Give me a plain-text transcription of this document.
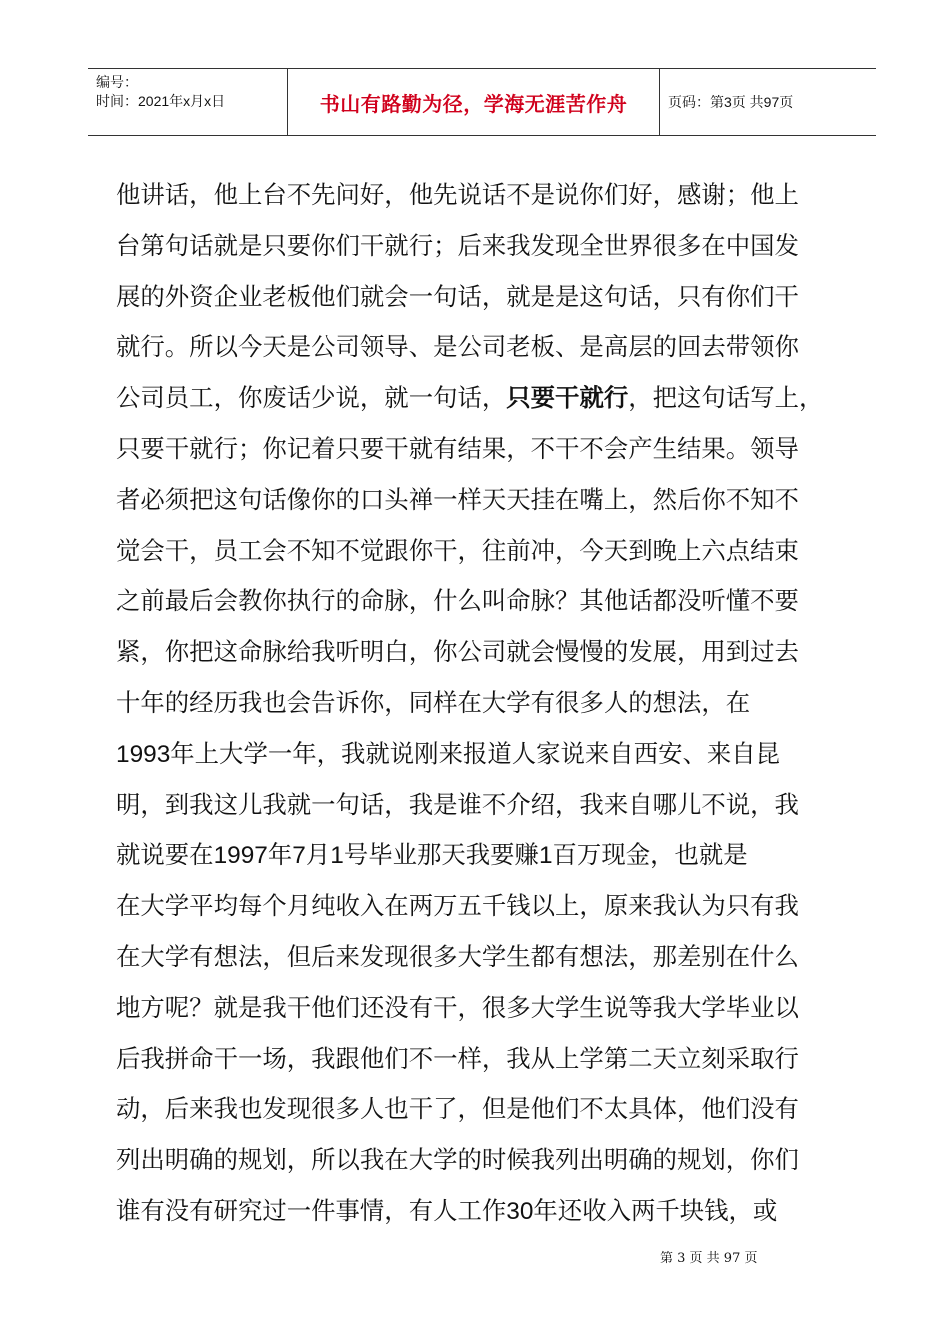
编号：
时间：2021年x月x日	书山有路勤为径，学海无涯苦作舟	页码：第3页 共97页
他讲话，他上台不先问好，他先说话不是说你们好，感谢；他上
台第句话就是只要你们干就行；后来我发现全世界很多在中国发
展的外资企业老板他们就会一句话，就是是这句话，只有你们干
就行。所以今天是公司领导、是公司老板、是高层的回去带领你
公司员工，你废话少说，就一句话，只要干就行，把这句话写上，
只要干就行；你记着只要干就有结果，不干不会产生结果。领导
者必须把这句话像你的口头禅一样天天挂在嘴上，然后你不知不
觉会干，员工会不知不觉跟你干，往前冲，今天到晚上六点结束
之前最后会教你执行的命脉，什么叫命脉？其他话都没听懂不要
紧，你把这命脉给我听明白，你公司就会慢慢的发展，用到过去
十年的经历我也会告诉你，同样在大学有很多人的想法，在
1993年上大学一年，我就说刚来报道人家说来自西安、来自昆
明，到我这儿我就一句话，我是谁不介绍，我来自哪儿不说，我
就说要在1997年7月1号毕业那天我要赚1百万现金，也就是
在大学平均每个月纯收入在两万五千钱以上，原来我认为只有我
在大学有想法，但后来发现很多大学生都有想法，那差别在什么
地方呢？就是我干他们还没有干，很多大学生说等我大学毕业以
后我拼命干一场，我跟他们不一样，我从上学第二天立刻采取行
动，后来我也发现很多人也干了，但是他们不太具体，他们没有
列出明确的规划，所以我在大学的时候我列出明确的规划，你们
谁有没有研究过一件事情，有人工作30年还收入两千块钱，或
第 3 页 共 97 页
